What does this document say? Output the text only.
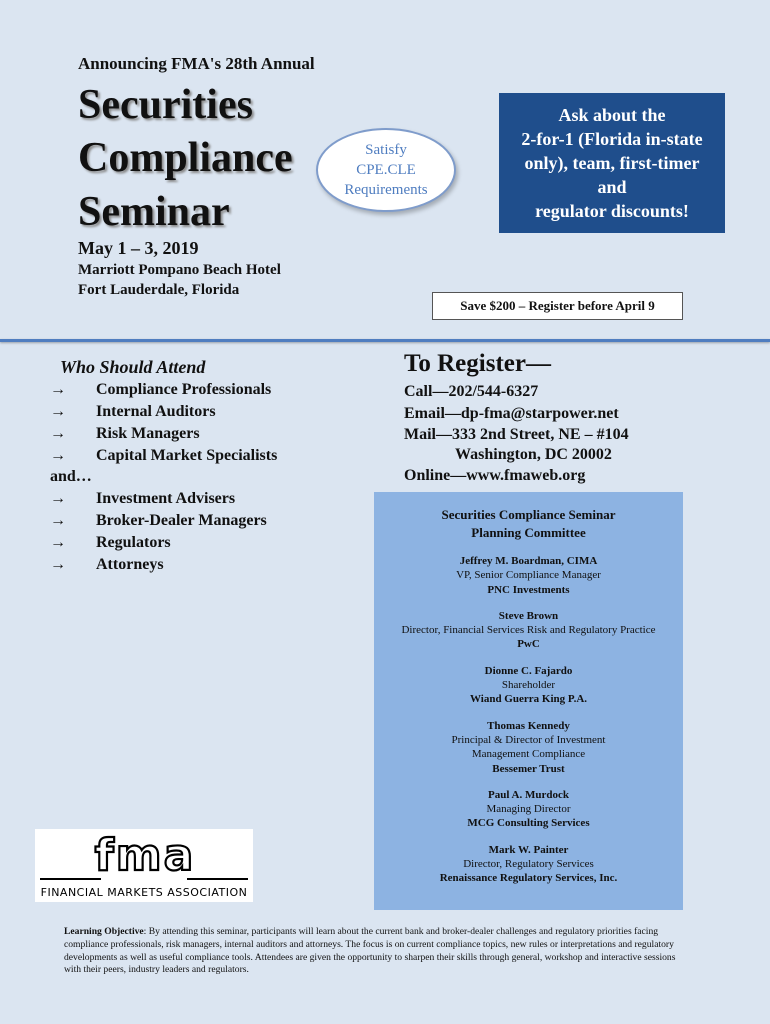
Announcing FMA's 28th Annual
Securities
Compliance
Seminar
Satisfy
CPE.CLE
Requirements
Ask about the
2-for-1 (Florida in-state
only), team, first-timer
and
regulator discounts!
May 1 – 3, 2019
Marriott Pompano Beach Hotel
Fort Lauderdale, Florida
Save $200 – Register before April 9
Who Should Attend
→	Compliance Professionals
→	Internal Auditors
→	Risk Managers
→	Capital Market Specialists
and…
→	Investment Advisers
→	Broker-Dealer Managers
→	Regulators
→	Attorneys
To Register—
Call—202/544-6327
Email—dp-fma@starpower.net
Mail—333 2nd Street, NE – #104
Washington, DC 20002
Online—www.fmaweb.org
Securities Compliance Seminar
Planning Committee
Jeffrey M. Boardman, CIMA
VP, Senior Compliance Manager
PNC Investments
Steve Brown
Director, Financial Services Risk and Regulatory Practice
PwC
Dionne C. Fajardo
Shareholder
Wiand Guerra King P.A.
Thomas Kennedy
Principal & Director of Investment Management Compliance
Bessemer Trust
Paul A. Murdock
Managing Director
MCG Consulting Services
Mark W. Painter
Director, Regulatory Services
Renaissance Regulatory Services, Inc.
fma
FINANCIAL MARKETS ASSOCIATION
Learning Objective: By attending this seminar, participants will learn about the current bank and broker-dealer challenges and regulatory priorities facing compliance professionals, risk managers, internal auditors and attorneys. The focus is on current compliance topics, new rules or interpretations and regulatory developments as well as useful compliance tools. Attendees are given the opportunity to sharpen their skills through general, workshop and interactive sessions with their peers, industry leaders and regulators.
